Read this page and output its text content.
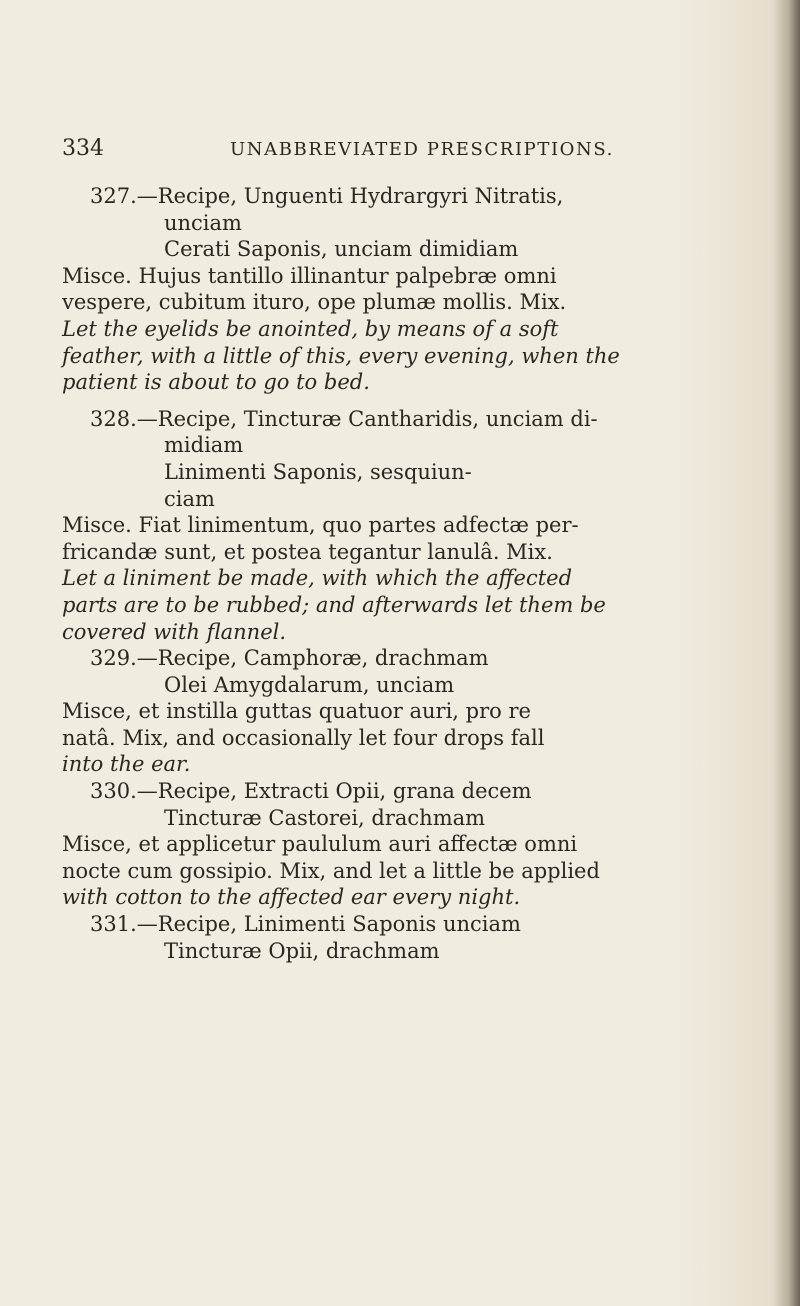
334	UNABBREVIATED PRESCRIPTIONS.
327.—Recipe, Unguenti Hydrargyri Nitratis,
unciam
Cerati Saponis, unciam dimidiam
Misce. Hujus tantillo illinantur palpebræ omni
vespere, cubitum ituro, ope plumæ mollis. Mix.
Let the eyelids be anointed, by means of a soft
feather, with a little of this, every evening, when the
patient is about to go to bed.
328.—Recipe, Tincturæ Cantharidis, unciam di-
midiam
Linimenti Saponis, sesquiun-
ciam
Misce. Fiat linimentum, quo partes adfectæ per-
fricandæ sunt, et postea tegantur lanulâ. Mix.
Let a liniment be made, with which the affected
parts are to be rubbed; and afterwards let them be
covered with flannel.
329.—Recipe, Camphoræ, drachmam
Olei Amygdalarum, unciam
Misce, et instilla guttas quatuor auri, pro re
natâ. Mix, and occasionally let four drops fall
into the ear.
330.—Recipe, Extracti Opii, grana decem
Tincturæ Castorei, drachmam
Misce, et applicetur paululum auri affectæ omni
nocte cum gossipio. Mix, and let a little be applied
with cotton to the affected ear every night.
331.—Recipe, Linimenti Saponis unciam
Tincturæ Opii, drachmam
